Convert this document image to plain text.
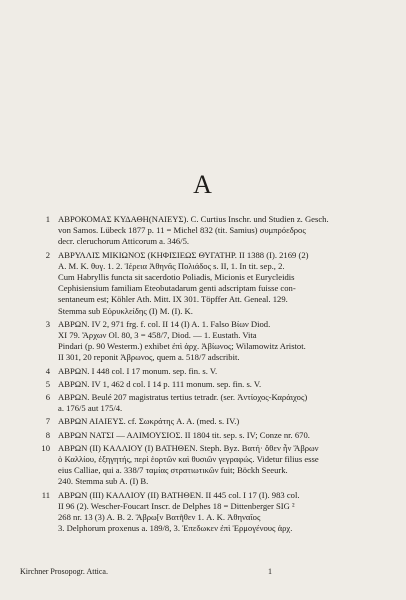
A
1 ΑΒΡΟΚΟΜΑΣ ΚΥΔΑΘΗ(ΝΑΙΕΥΣ). C. Curtius Inschr. und Studien z. Gesch.
von Samos. Lübeck 1877 p. 11 = Michel 832 (tit. Samius) συμπρόεδρος
decr. cleruchorum Atticorum a. 346/5.
2 ΑΒΡΥΛΛΙΣ ΜΙΚΙΩΝΟΣ (ΚΗΦΙΣΙΕΩΣ ΘΥΓΑΤΗΡ. II 1388 (I). 2169 (2)
Α. Μ. Κ. θυγ. 1. 2. Ἱέρεια Ἀθηνᾶς Πολιάδος s. II, 1. In tit. sep., 2.
Cum Habryllis functa sit sacerdotio Poliadis, Micionis et Eurycleidis
Cephisiensium familiam Eteobutadarum genti adscriptam fuisse con-
sentaneum est; Köhler Ath. Mitt. IX 301. Töpffer Att. Geneal. 129.
Stemma sub Εὐρυκλείδης (I) M. (I). K.
3 ΑΒΡΩΝ. IV 2, 971 frg. f. col. II 14 (I) A. 1. Falso Βίων Diod.
XI 79. Ἄρχων Ol. 80, 3 = 458/7, Diod. — 1. Eustath. Vita
Pindari (p. 90 Westerm.) exhibet ἐπὶ ἀρχ. Ἀβίωνος; Wilamowitz Aristot.
II 301, 20 reponit Ἁβρωνος, quem a. 518/7 adscribit.
4 ΑΒΡΩΝ. I 448 col. I 17 monum. sep. fin. s. V.
5 ΑΒΡΩΝ. IV 1, 462 d col. I 14 p. 111 monum. sep. fin. s. V.
6 ΑΒΡΩΝ. Beulé 207 magistratus tertius tetradr. (ser. Ἀντίοχος-Καράιχος)
a. 176/5 aut 175/4.
7 ΑΒΡΩΝ ΑΙΑΙΕΥΣ. cf. Σωκράτης A. A. (med. s. IV.)
8 ΑΒΡΩΝ ΝΑΤΣΙ — ΑΛΙΜΟΥΣΙΟΣ. II 1804 tit. sep. s. IV; Conze nr. 670.
10 ΑΒΡΩΝ (II) ΚΑΛΛΙΟΥ (I) ΒΑΤΗΘΕΝ. Steph. Byz. Βατή· ὅθεν ἦν Ἅβρων
ὁ Καλλίου, ἐξηγητής, περὶ ἑορτῶν καὶ θυσιῶν γεγραφώς. Videtur filius esse
eius Calliae, qui a. 338/7 ταμίας στρατιωτικῶν fuit; Böckh Seeurk.
240. Stemma sub A. (I) B.
11 ΑΒΡΩΝ (III) ΚΑΛΛΙΟΥ (II) ΒΑΤΗΘΕΝ. II 445 col. I 17 (I). 983 col.
II 96 (2). Wescher-Foucart Inscr. de Delphes 18 = Dittenberger SIG ²
268 nr. 13 (3) A. B. 2. Ἅβρω[ν Βατῆθεν 1. A. K. Ἀθηναῖος
3. Delphorum proxenus a. 189/8, 3. Ἐπεδωκεν ἐπὶ Ἑρμογένους ἀρχ.
Kirchner Prosopogr. Attica.	1
